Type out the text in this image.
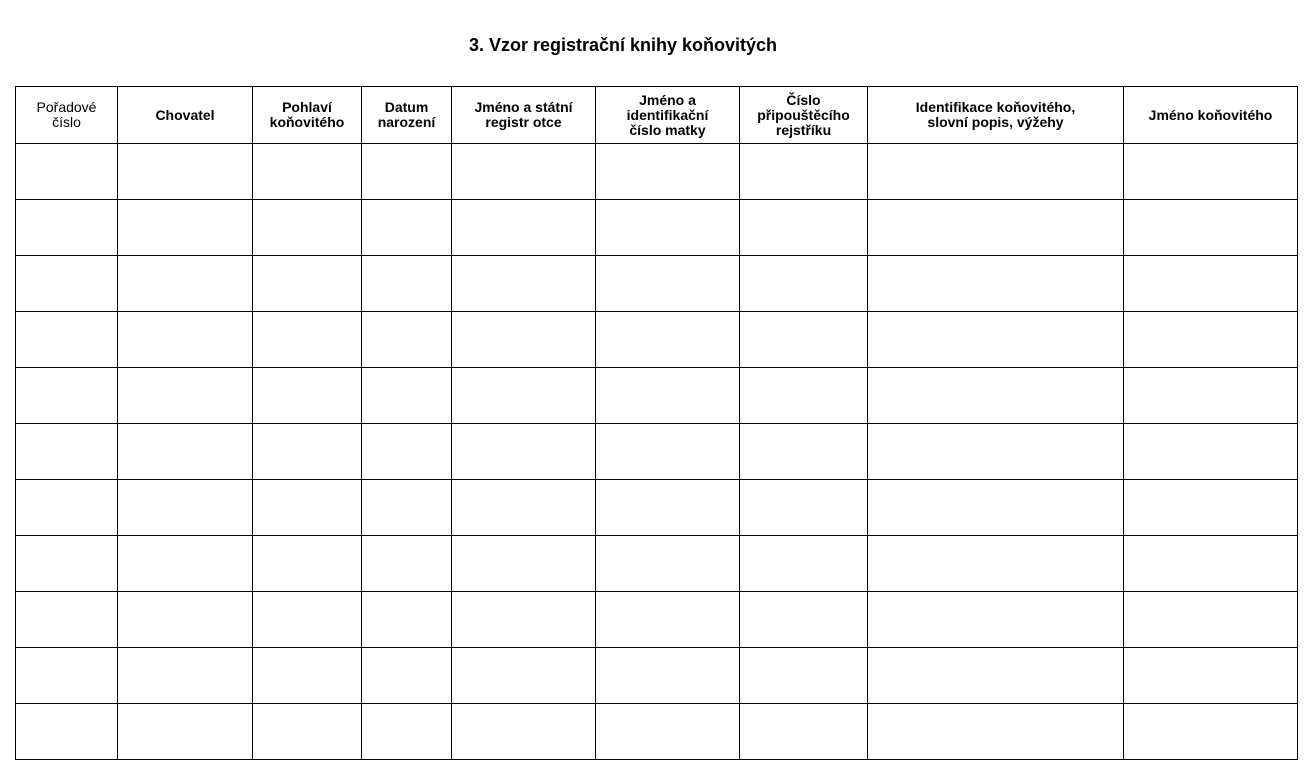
3. Vzor registrační knihy koňovitých
Pořadové
číslo	Chovatel	Pohlaví
koňovitého	Datum
narození	Jméno a státní
registr otce	Jméno a
identifikační
číslo matky	Číslo
připouštěcího
rejstříku	Identifikace koňovitého,
slovní popis, výžehy	Jméno koňovitého
